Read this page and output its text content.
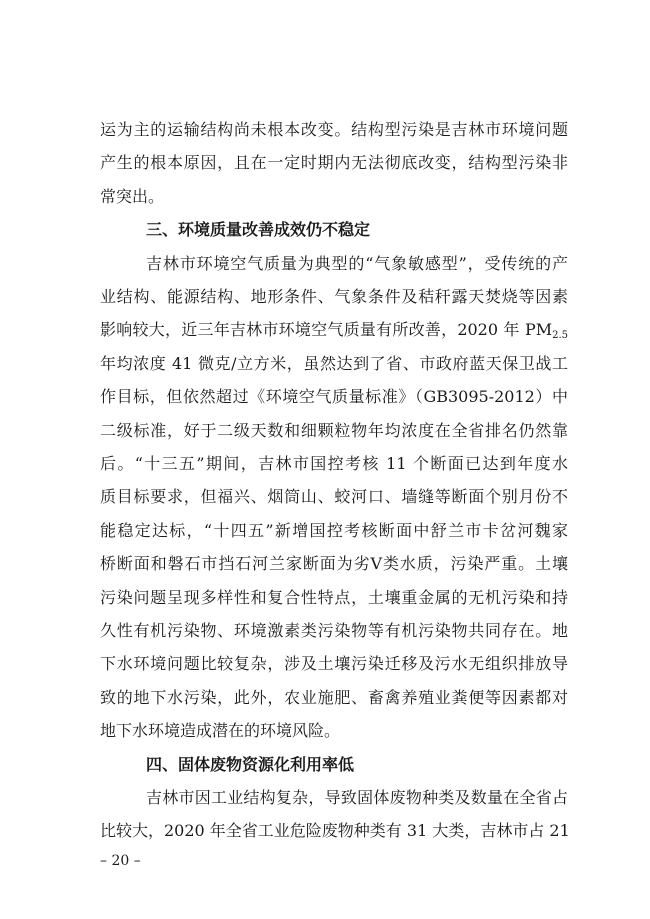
运为主的运输结构尚未根本改变。结构型污染是吉林市环境问题
产生的根本原因，且在一定时期内无法彻底改变，结构型污染非
常突出。
三、环境质量改善成效仍不稳定
吉林市环境空气质量为典型的“气象敏感型”，受传统的产
业结构、能源结构、地形条件、气象条件及秸秆露天焚烧等因素
影响较大，近三年吉林市环境空气质量有所改善，2020 年 $PM_{2.5}$
年均浓度 41 微克/立方米，虽然达到了省、市政府蓝天保卫战工
作目标，但依然超过《环境空气质量标准》（GB3095-2012）中
二级标准，好于二级天数和细颗粒物年均浓度在全省排名仍然靠
后。“十三五”期间，吉林市国控考核 11 个断面已达到年度水
质目标要求，但福兴、烟筒山、蛟河口、墙缝等断面个别月份不
能稳定达标，“十四五”新增国控考核断面中舒兰市卡岔河魏家
桥断面和磐石市挡石河兰家断面为劣Ⅴ类水质，污染严重。土壤
污染问题呈现多样性和复合性特点，土壤重金属的无机污染和持
久性有机污染物、环境激素类污染物等有机污染物共同存在。地
下水环境问题比较复杂，涉及土壤污染迁移及污水无组织排放导
致的地下水污染，此外，农业施肥、畜禽养殖业粪便等因素都对
地下水环境造成潜在的环境风险。
四、固体废物资源化利用率低
吉林市因工业结构复杂，导致固体废物种类及数量在全省占
比较大，2020 年全省工业危险废物种类有 31 大类，吉林市占 21
– 20 –
